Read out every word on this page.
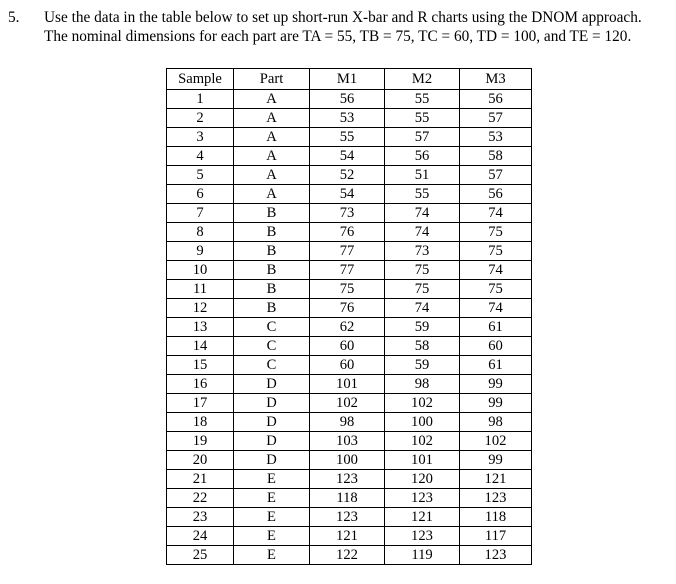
5. Use the data in the table below to set up short-run X-bar and R charts using the DNOM approach.
The nominal dimensions for each part are TA = 55, TB = 75, TC = 60, TD = 100, and TE = 120.
Sample	Part	M1	M2	M3
1	A	56	55	56
2	A	53	55	57
3	A	55	57	53
4	A	54	56	58
5	A	52	51	57
6	A	54	55	56
7	B	73	74	74
8	B	76	74	75
9	B	77	73	75
10	B	77	75	74
11	B	75	75	75
12	B	76	74	74
13	C	62	59	61
14	C	60	58	60
15	C	60	59	61
16	D	101	98	99
17	D	102	102	99
18	D	98	100	98
19	D	103	102	102
20	D	100	101	99
21	E	123	120	121
22	E	118	123	123
23	E	123	121	118
24	E	121	123	117
25	E	122	119	123
